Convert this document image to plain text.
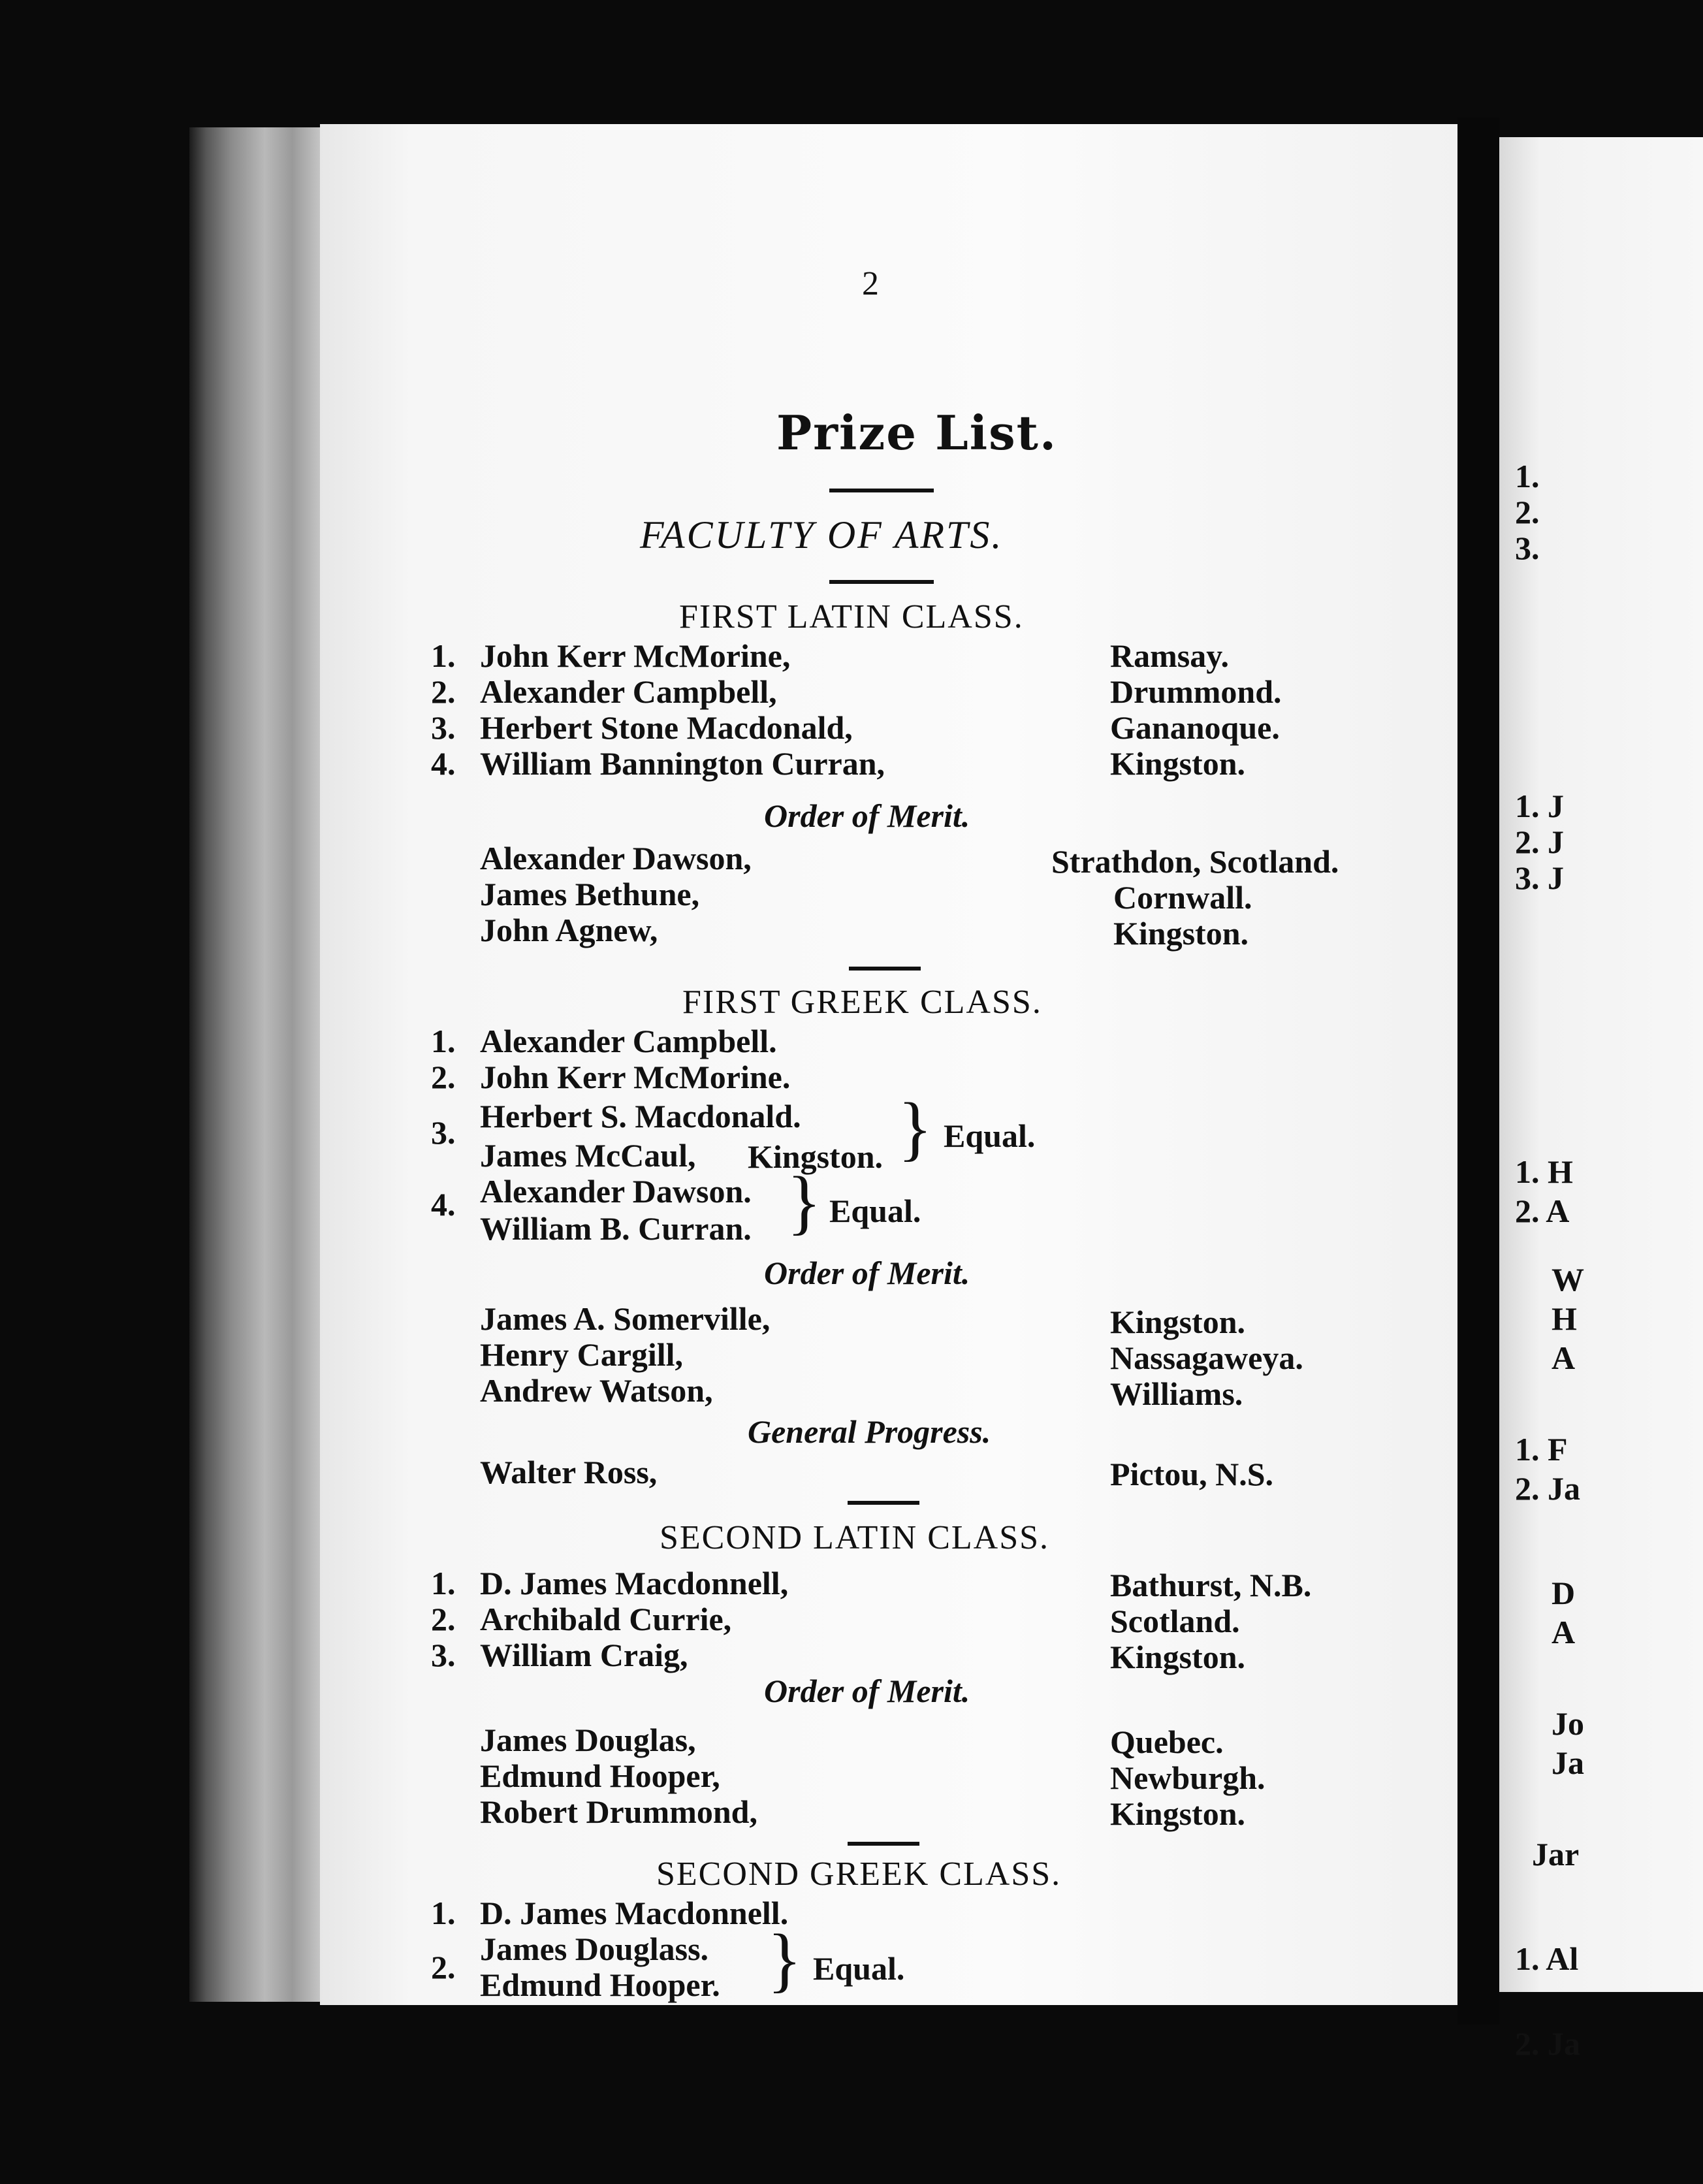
1.
2.
3.
1. J
2. J
3. J
1. H
2. A
W
H
A
1. F
2. Ja
D
A
Jo
Ja
Jar
1. Al
2. Ja
2
Prize List.
FACULTY OF ARTS.
FIRST LATIN CLASS.
1. John Kerr McMorine,	Ramsay.
2. Alexander Campbell,	Drummond.
3. Herbert Stone Macdonald,	Gananoque.
4. William Bannington Curran,	Kingston.
Order of Merit.
Alexander Dawson,	Strathdon, Scotland.
James Bethune,	Cornwall.
John Agnew,	Kingston.
FIRST GREEK CLASS.
1. Alexander Campbell.
2. John Kerr McMorine.
3. Herbert S. Macdonald.
James McCaul, Kingston. } Equal.
4. Alexander Dawson.
William B. Curran. } Equal.
Order of Merit.
James A. Somerville,	Kingston.
Henry Cargill,	Nassagaweya.
Andrew Watson,	Williams.
General Progress.
Walter Ross,	Pictou, N.S.
SECOND LATIN CLASS.
1. D. James Macdonnell,	Bathurst, N.B.
2. Archibald Currie,	Scotland.
3. William Craig,	Kingston.
Order of Merit.
James Douglas,	Quebec.
Edmund Hooper,	Newburgh.
Robert Drummond,	Kingston.
SECOND GREEK CLASS.
1. D. James Macdonnell.
2. James Douglass.
Edmund Hooper. } Equal.
